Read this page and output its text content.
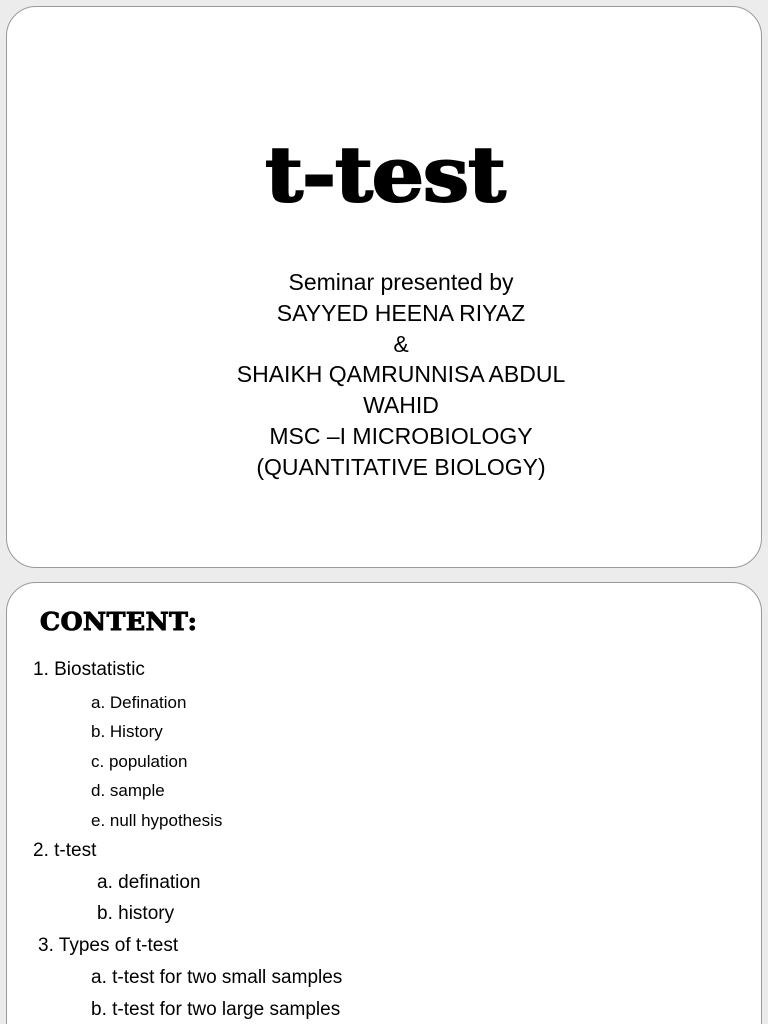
t-test
Seminar presented by
SAYYED HEENA RIYAZ
&
SHAIKH QAMRUNNISA ABDUL
WAHID
MSC –I MICROBIOLOGY
(QUANTITATIVE BIOLOGY)
CONTENT:
1. Biostatistic
a. Defination
b. History
c. population
d. sample
e. null hypothesis
2. t-test
a. defination
b. history
3. Types of t-test
a. t-test for two small samples
b. t-test for two large samples
